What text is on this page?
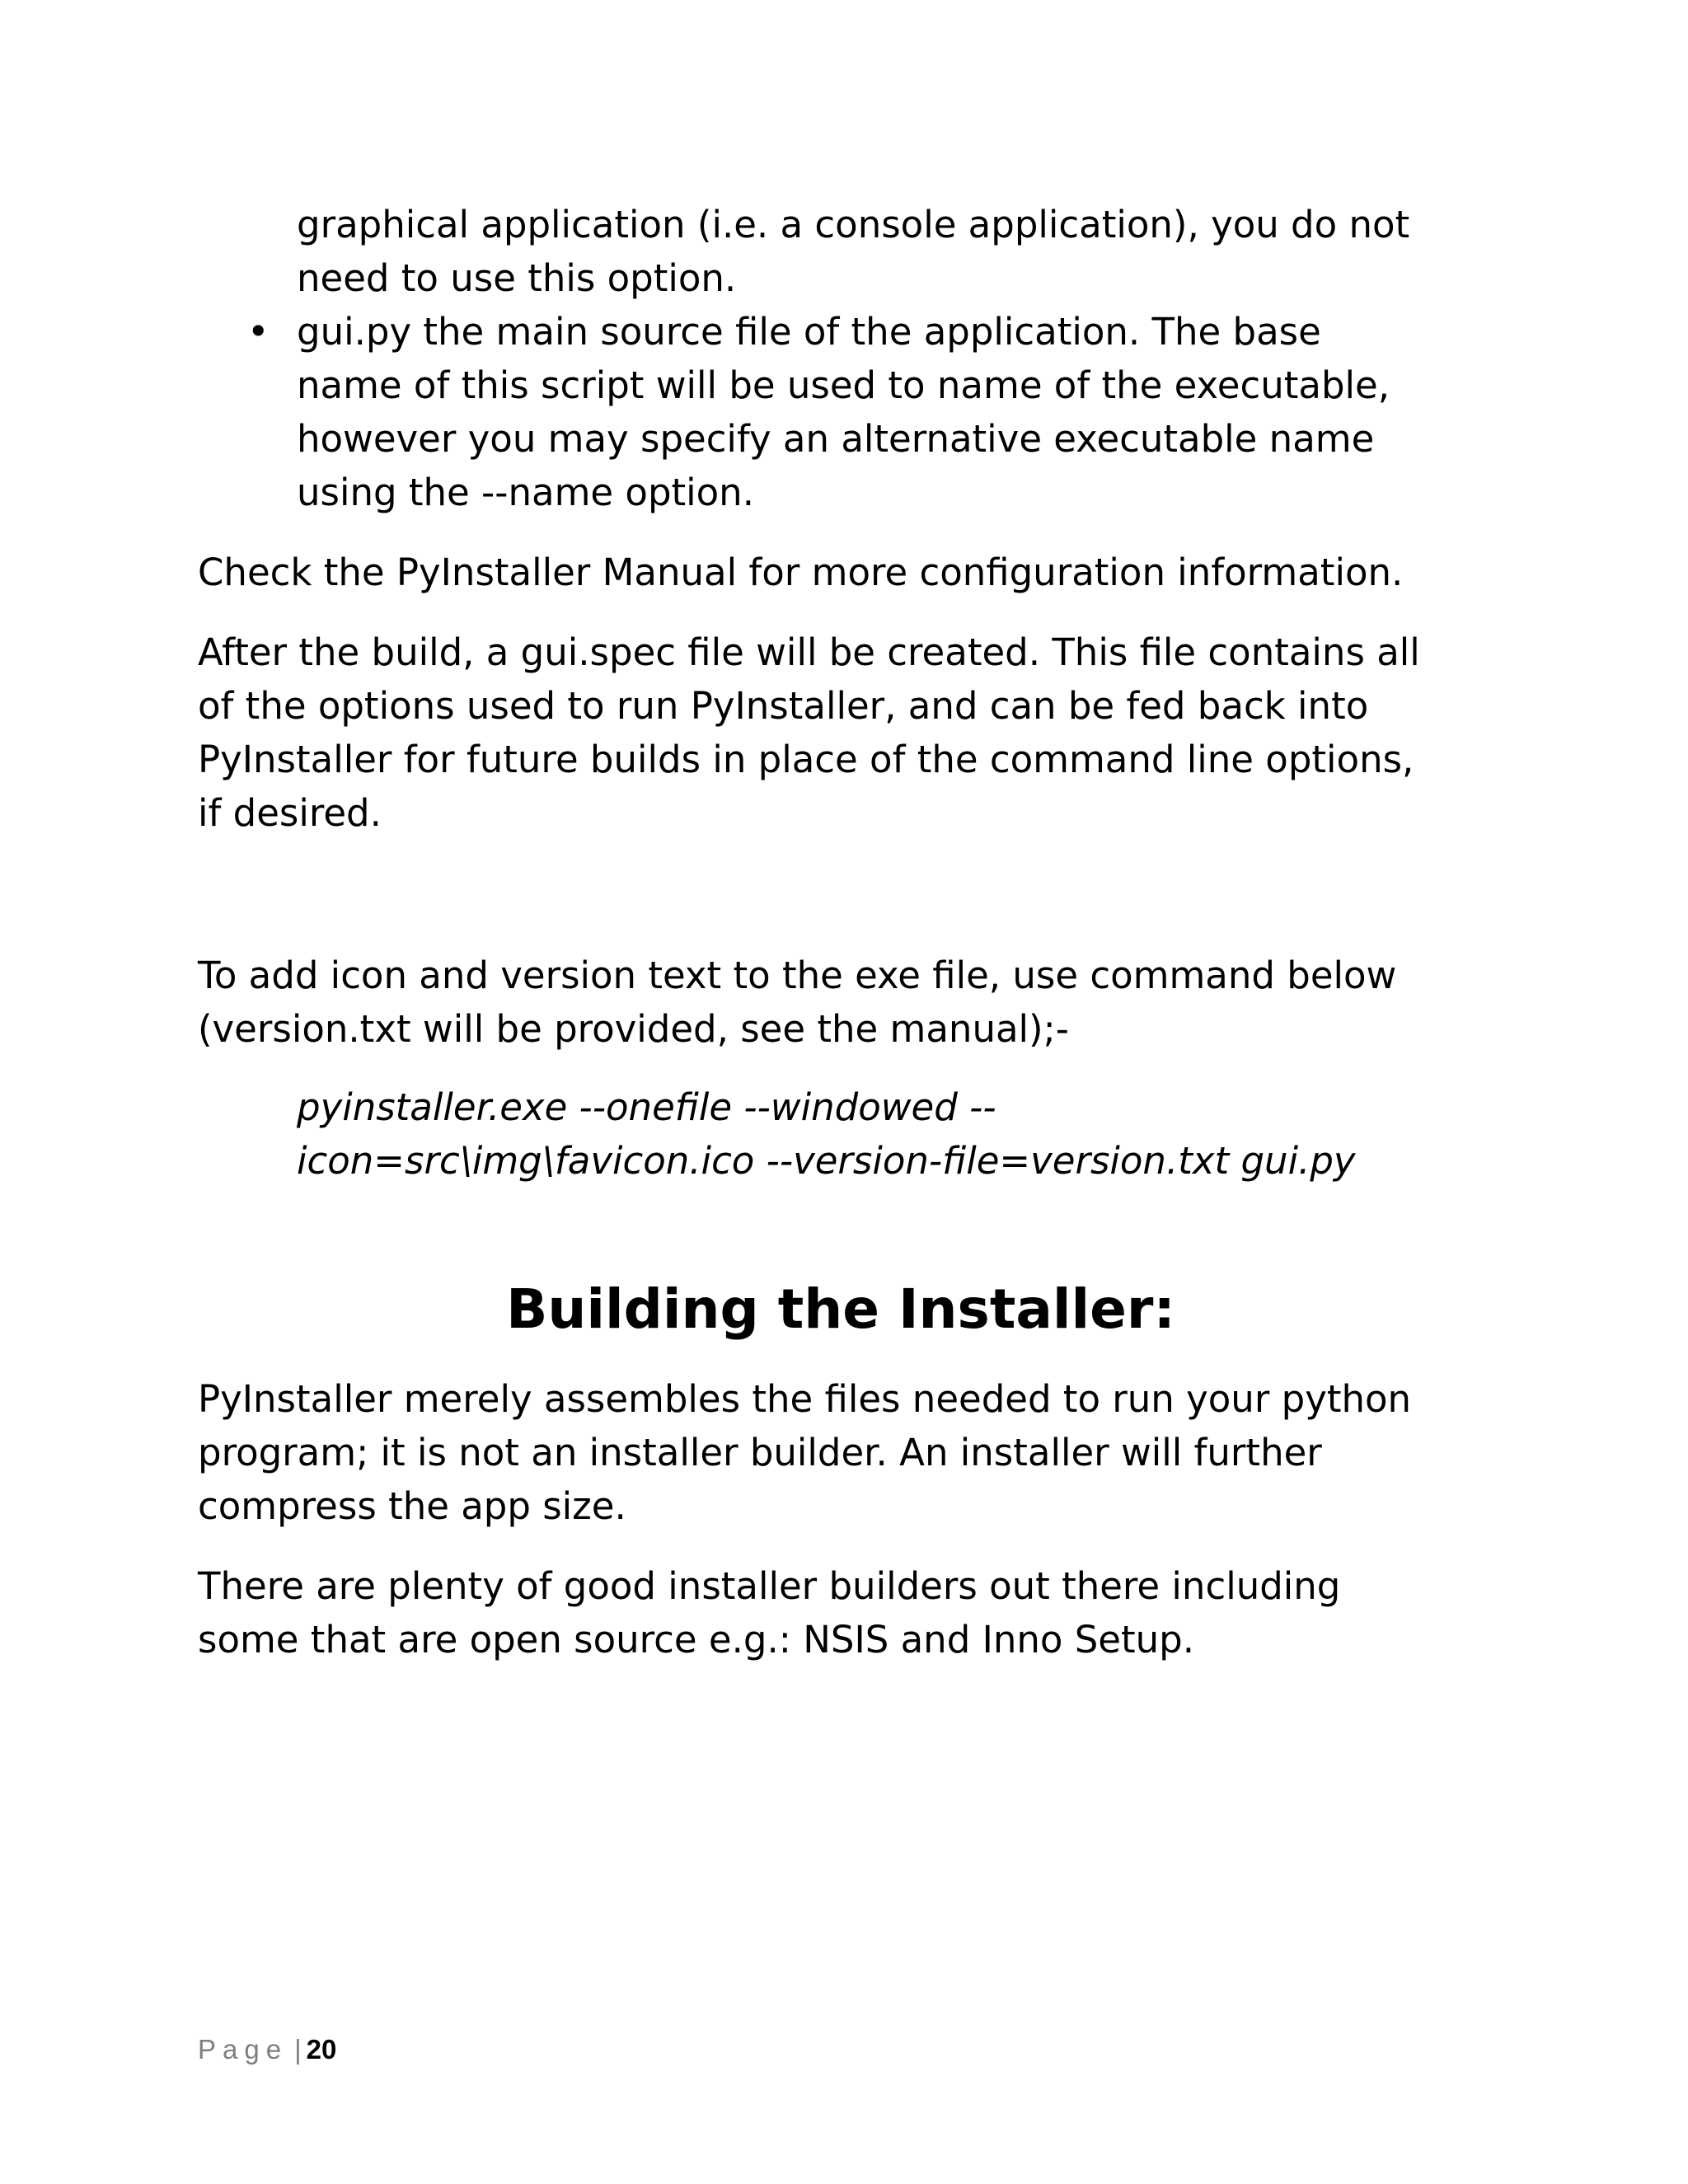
graphical application (i.e. a console application), you do not
need to use this option.

• gui.py the main source file of the application. The base
name of this script will be used to name of the executable,
however you may specify an alternative executable name
using the --name option.

Check the PyInstaller Manual for more configuration information.

After the build, a gui.spec file will be created. This file contains all
of the options used to run PyInstaller, and can be fed back into
PyInstaller for future builds in place of the command line options,
if desired.

To add icon and version text to the exe file, use command below
(version.txt will be provided, see the manual);-

pyinstaller.exe --onefile --windowed --
icon=src\img\favicon.ico --version-file=version.txt gui.py

Building the Installer:

PyInstaller merely assembles the files needed to run your python
program; it is not an installer builder. An installer will further
compress the app size.

There are plenty of good installer builders out there including
some that are open source e.g.: NSIS and Inno Setup.

Page | 20
